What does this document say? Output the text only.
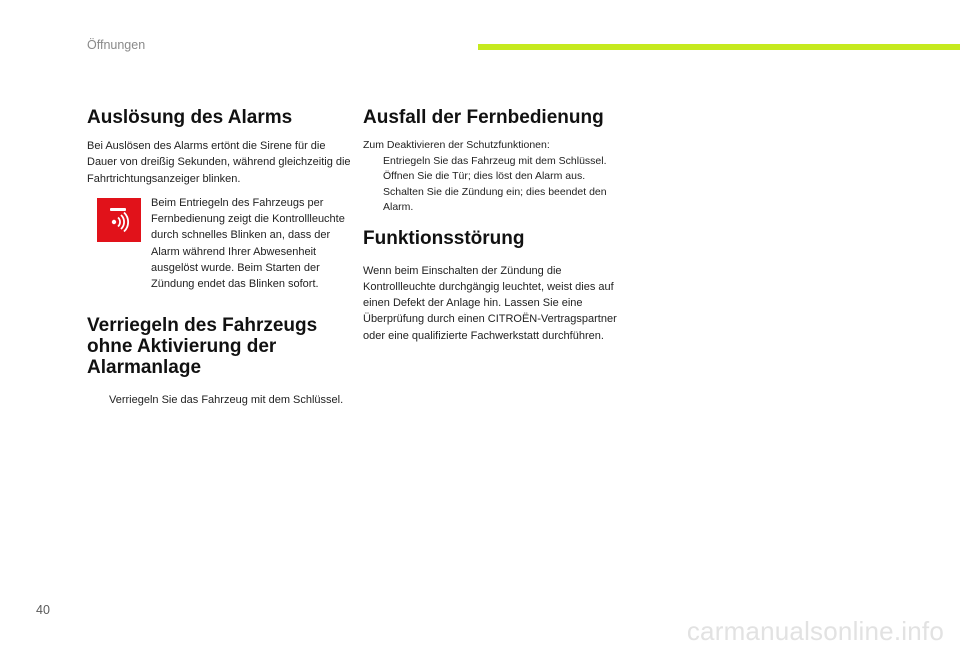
Öffnungen
Auslösung des Alarms

Bei Auslösen des Alarms ertönt die Sirene für die Dauer von dreißig Sekunden, während gleichzeitig die Fahrtrichtungsanzeiger blinken.

Beim Entriegeln des Fahrzeugs per Fernbedienung zeigt die Kontrollleuchte durch schnelles Blinken an, dass der Alarm während Ihrer Abwesenheit ausgelöst wurde. Beim Starten der Zündung endet das Blinken sofort.

Verriegeln des Fahrzeugs ohne Aktivierung der Alarmanlage
Verriegeln Sie das Fahrzeug mit dem Schlüssel.
Ausfall der Fernbedienung

Zum Deaktivieren der Schutzfunktionen:

Entriegeln Sie das Fahrzeug mit dem Schlüssel.
Öffnen Sie die Tür; dies löst den Alarm aus.
Schalten Sie die Zündung ein; dies beendet den Alarm.
Funktionsstörung

Wenn beim Einschalten der Zündung die Kontrollleuchte durchgängig leuchtet, weist dies auf einen Defekt der Anlage hin. Lassen Sie eine Überprüfung durch einen CITROËN-Vertragspartner oder eine qualifizierte Fachwerkstatt durchführen.

40
carmanualsonline.info
